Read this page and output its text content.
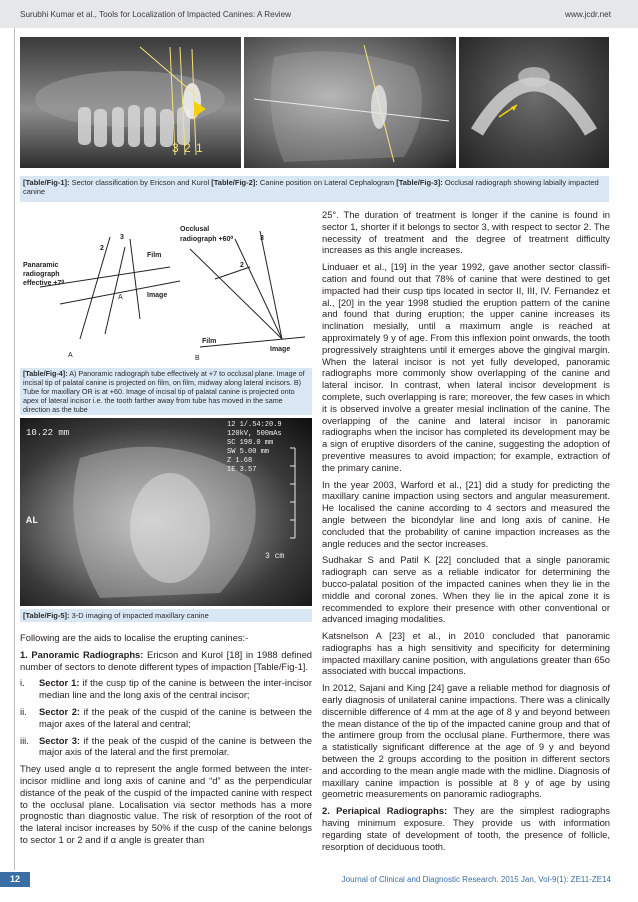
Surubhi Kumar et al., Tools for Localization of Impacted Canines: A Review	www.jcdr.net
3 2 1
[Table/Fig-1]: Sector classification by Ericson and Kurol [Table/Fig-2]: Canine position on Lateral Cephalogram [Table/Fig-3]: Occlusal radiograph showing labially impacted canine
Panaramic
radiograph
effective +7⁰
2
3
Film
Image
A
A
Occlusal
radiograph +60⁰	3
2
Film
Image
B
[Table/Fig-4]: A) Panoramic radiograph tube effectively at +7 to occlusal plane. Image of incisal tip of palatal canine is projected on film, on film, midway along lateral incisors. B) Tube for maxillary OR is at +60. Image of incisal tip of palatal canine is projected onto apex of lateral incisor i.e. the tooth farther away from tube has moved in the same direction as the tube
10.22 mm
AL
12 1/.54:20.9
120kV, 500mAs
SC 198.0 mm
SW 5.00 mm
Z 1.68
IE 3.57
3 cm
[Table/Fig-5]: 3-D imaging of impacted maxillary canine

Following are the aids to localise the erupting canines:-

1. Panoramic Radiographs: Ericson and Kurol [18] in 1988 defined number of sectors to denote different types of impaction [Table/Fig-1].

i. Sector 1: if the cusp tip of the canine is between the inter-incisor median line and the long axis of the central incisor;
ii. Sector 2: if the peak of the cuspid of the canine is between the major axes of the lateral and central;
iii. Sector 3: if the peak of the cuspid of the canine is between the major axis of the lateral and the first premolar.

They used angle α to represent the angle formed between the inter-incisor midline and long axis of canine and “d” as the perpendicular distance of the peak of the cuspid of the impacted canine with respect to the occlusal plane. Localisation via sector methods has a more prognostic than diagnostic value. The risk of resorption of the root of the lateral incisor increases by 50% if the cusp of the canine belongs to sector 1 or 2 and if α angle is greater than

25°. The duration of treatment is longer if the canine is found in sector 1, shorter if it belongs to sector 3, with respect to sector 2. The necessity of treatment and the degree of treatment difficulty increases as this angle increases.

Linduaer et al., [19] in the year 1992, gave another sector classifi-cation and found out that 78% of canine that were destined to get impacted had their cusp tips located in sector II, III, IV. Fernandez et al., [20] in the year 1998 studied the eruption pattern of the canine and found that during eruption; the upper canine increases its inclination mesially, until a maximum angle is reached at approximately 9 y of age. From this inflexion point onwards, the tooth progressively straightens until it emerges above the gingival margin. When the lateral incisor is not yet fully developed, panoramic radiographs more commonly show overlapping of the canine and lateral incisor. In contrast, when lateral incisor development is complete, such overlapping is rare; moreover, the few cases in which it is observed involve a greater mesial inclination of the canine. The overlapping of the canine and lateral incisor in panoramic radiographs when the incisor has completed its development may be a sign of eruptive disorders of the canine, suggesting the adoption of preventive measures to avoid impaction; for example, extraction of the primary canine.

In the year 2003, Warford et al., [21] did a study for predicting the maxillary canine impaction using sectors and angular measurement. He localised the canine according to 4 sectors and measured the angle between the bicondylar line and long axis of canine. He concluded that the probability of canine impaction increases as the angle reduces and the sector increases.

Sudhakar S and Patil K [22] concluded that a single panoramic radiograph can serve as a reliable indicator for determining the bucco-palatal position of the impacted canines when they lie in the middle and coronal zones. When they lie in the apical zone it is recommended to explore their presence with other conventional or advanced imaging modalities.

Katsnelson A [23] et al., in 2010 concluded that panoramic radiographs has a high sensitivity and specificity for determining impacted maxillary canine position, with angulations greater than 65o associated with buccal impactions.

In 2012, Sajani and King [24] gave a reliable method for diagnosis of early diagnosis of unilateral canine impactions. There was a clinically discernible difference of 4 mm at the age of 8 y and beyond between the mean distance of the tip of the impacted canine group and that of the antimere group from the occlusal plane. Furthermore, there was a statistically significant difference at the age of 9 y and beyond between the 2 groups according to the position in different sectors and according to the mean angle made with the midline. Diagnosis of maxillary canine impaction is possible at 8 y of age by using geometric measurements on panoramic radiographs.

2. Periapical Radiographs: They are the simplest radiographs having minimum exposure. They provide us with information regarding state of development of tooth, the presence of follicle, resorption of deciduous tooth.

12	Journal of Clinical and Diagnostic Research. 2015 Jan, Vol-9(1): ZE11-ZE14
